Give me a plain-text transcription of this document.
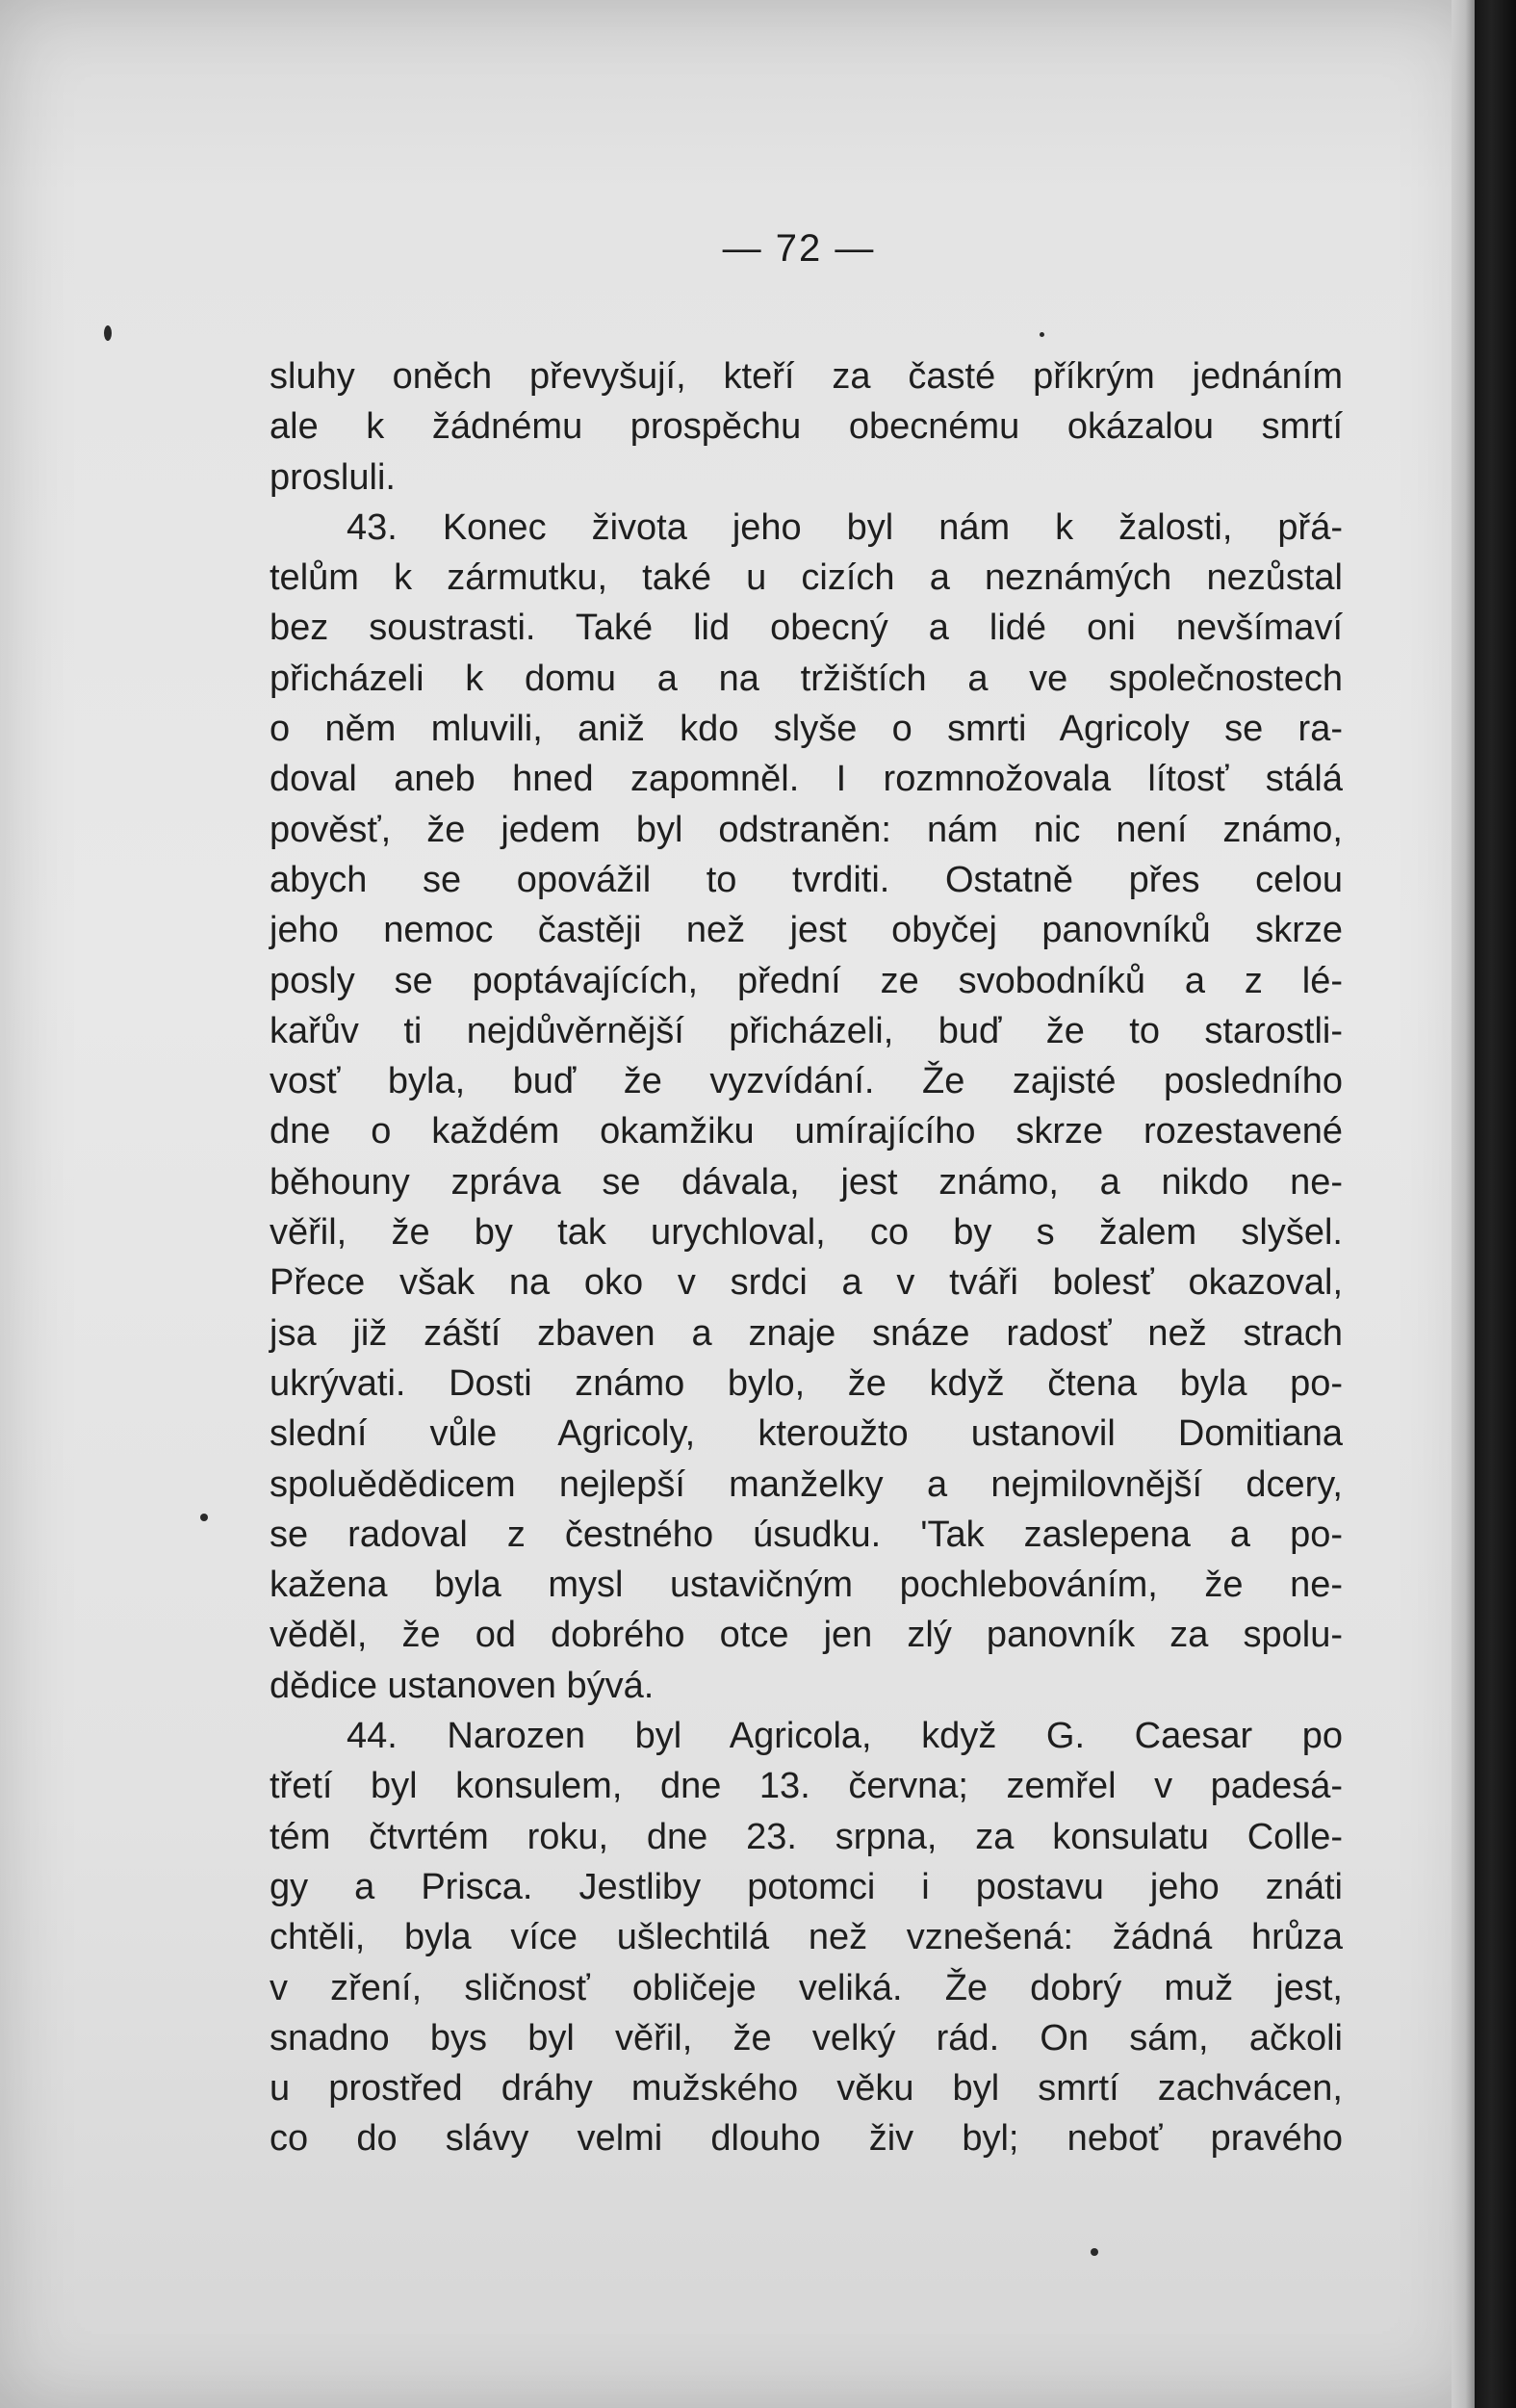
— 72 —
sluhy oněch převyšují, kteří za časté příkrým jednáním
ale k žádnému prospěchu obecnému okázalou smrtí
prosluli.
43. Konec života jeho byl nám k žalosti, přá-
telům k zármutku, také u cizích a neznámých nezůstal
bez soustrasti. Také lid obecný a lidé oni nevšímaví
přicházeli k domu a na tržištích a ve společnostech
o něm mluvili, aniž kdo slyše o smrti Agricoly se ra-
doval aneb hned zapomněl. I rozmnožovala lítosť stálá
pověsť, že jedem byl odstraněn: nám nic není známo,
abych se opovážil to tvrditi. Ostatně přes celou
jeho nemoc častěji než jest obyčej panovníků skrze
posly se poptávajících, přední ze svobodníků a z lé-
kařův ti nejdůvěrnější přicházeli, buď že to starostli-
vosť byla, buď že vyzvídání. Že zajisté posledního
dne o každém okamžiku umírajícího skrze rozestavené
běhouny zpráva se dávala, jest známo, a nikdo ne-
věřil, že by tak urychloval, co by s žalem slyšel.
Přece však na oko v srdci a v tváři bolesť okazoval,
jsa již záští zbaven a znaje snáze radosť než strach
ukrývati. Dosti známo bylo, že když čtena byla po-
slední vůle Agricoly, kteroužto ustanovil Domitiana
spoluědědicem nejlepší manželky a nejmilovnější dcery,
se radoval z čestného úsudku. 'Tak zaslepena a po-
kažena byla mysl ustavičným pochlebováním, že ne-
věděl, že od dobrého otce jen zlý panovník za spolu-
dědice ustanoven bývá.
44. Narozen byl Agricola, když G. Caesar po
třetí byl konsulem, dne 13. června; zemřel v padesá-
tém čtvrtém roku, dne 23. srpna, za konsulatu Colle-
gy a Prisca. Jestliby potomci i postavu jeho znáti
chtěli, byla více ušlechtilá než vznešená: žádná hrůza
v zření, sličnosť obličeje veliká. Že dobrý muž jest,
snadno bys byl věřil, že velký rád. On sám, ačkoli
u prostřed dráhy mužského věku byl smrtí zachvácen,
co do slávy velmi dlouho živ byl; neboť pravého
